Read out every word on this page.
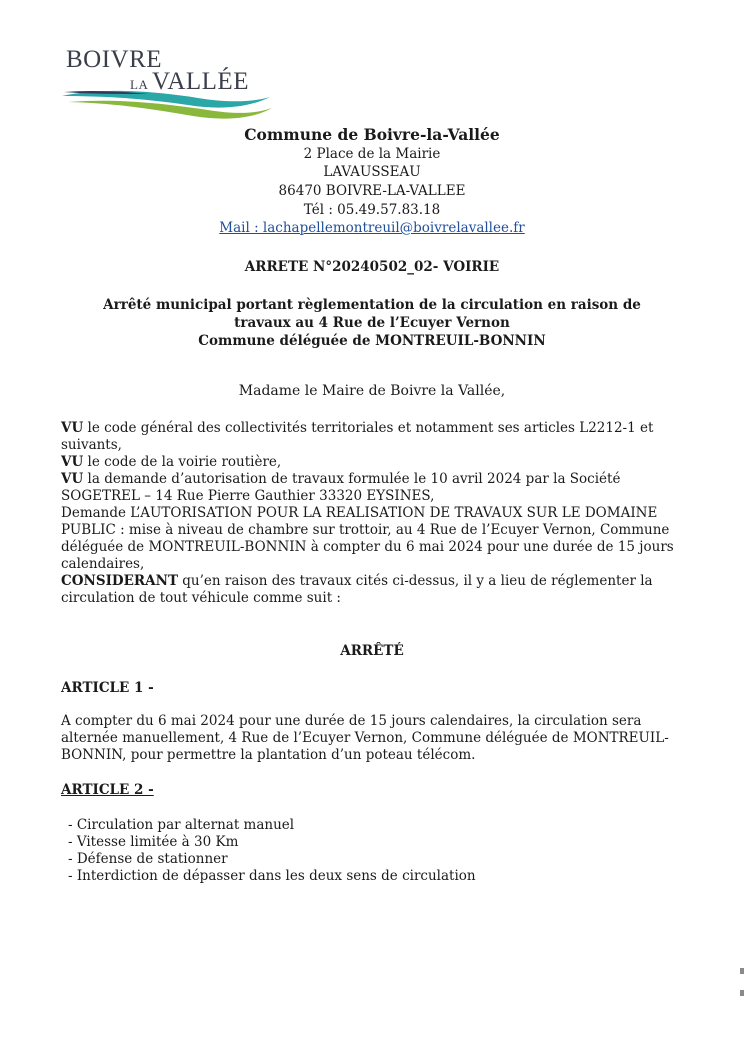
BOIVRE
LA VALLÉE
Commune de Boivre-la-Vallée
2 Place de la Mairie
LAVAUSSEAU
86470 BOIVRE-LA-VALLEE
Tél : 05.49.57.83.18
Mail : lachapellemontreuil@boivrelavallee.fr
ARRETE N°20240502_02- VOIRIE
Arrêté municipal portant règlementation de la circulation en raison de
travaux au 4 Rue de l’Ecuyer Vernon
Commune déléguée de MONTREUIL-BONNIN
Madame le Maire de Boivre la Vallée,
VU le code général des collectivités territoriales et notamment ses articles L2212-1 et
suivants,
VU le code de la voirie routière,
VU la demande d’autorisation de travaux formulée le 10 avril 2024 par la Société
SOGETREL – 14 Rue Pierre Gauthier 33320 EYSINES,
Demande L’AUTORISATION POUR LA REALISATION DE TRAVAUX SUR LE DOMAINE
PUBLIC : mise à niveau de chambre sur trottoir, au 4 Rue de l’Ecuyer Vernon, Commune
déléguée de MONTREUIL-BONNIN à compter du 6 mai 2024 pour une durée de 15 jours
calendaires,
CONSIDERANT qu’en raison des travaux cités ci-dessus, il y a lieu de réglementer la
circulation de tout véhicule comme suit :
ARRÊTÉ
ARTICLE 1 -
A compter du 6 mai 2024 pour une durée de 15 jours calendaires, la circulation sera
alternée manuellement, 4 Rue de l’Ecuyer Vernon, Commune déléguée de MONTREUIL-
BONNIN, pour permettre la plantation d’un poteau télécom.
ARTICLE 2 -
- Circulation par alternat manuel
- Vitesse limitée à 30 Km
- Défense de stationner
- Interdiction de dépasser dans les deux sens de circulation
